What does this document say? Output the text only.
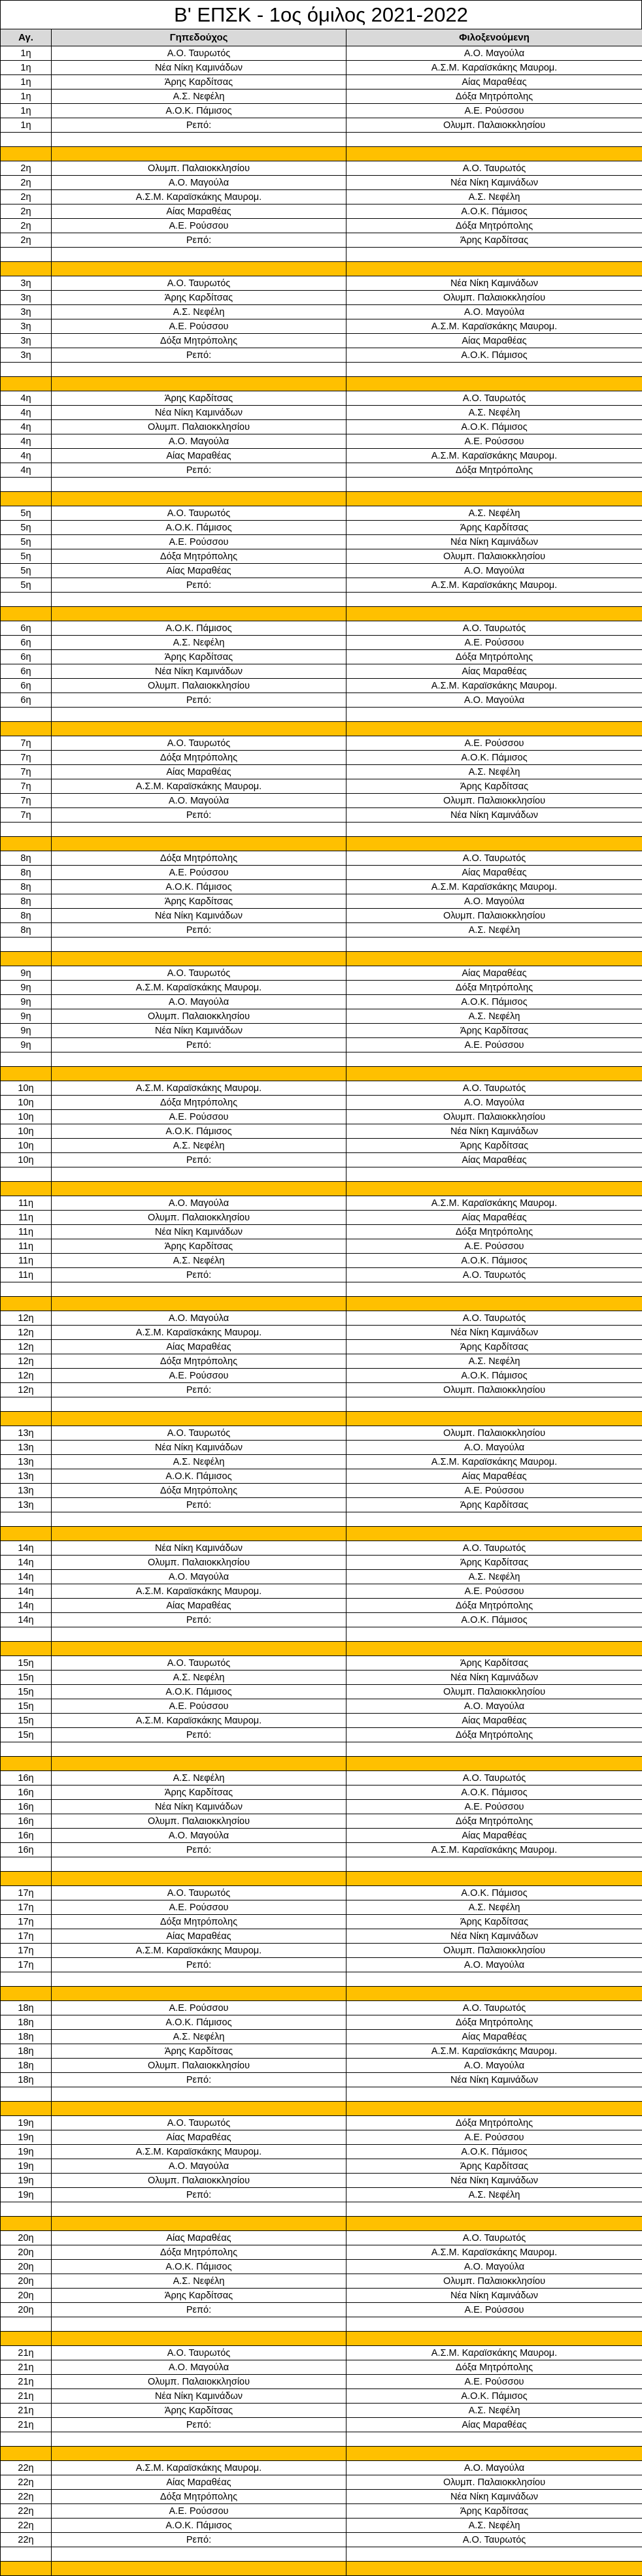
Β' ΕΠΣΚ - 1ος όμιλος 2021-2022
Αγ.	Γηπεδούχος	Φιλοξενούμενη
1η	Α.Ο. Ταυρωτός	Α.Ο. Μαγούλα
1η	Νέα Νίκη Καμινάδων	Α.Σ.Μ. Καραϊσκάκης Μαυρομ.
1η	Άρης Καρδίτσας	Αίας Μαραθέας
1η	Α.Σ. Νεφέλη	Δόξα Μητρόπολης
1η	Α.Ο.Κ. Πάμισος	Α.Ε. Ρούσσου
1η	Ρεπό:	Ολυμπ. Παλαιοκκλησίου

2η	Ολυμπ. Παλαιοκκλησίου	Α.Ο. Ταυρωτός
2η	Α.Ο. Μαγούλα	Νέα Νίκη Καμινάδων
2η	Α.Σ.Μ. Καραϊσκάκης Μαυρομ.	Α.Σ. Νεφέλη
2η	Αίας Μαραθέας	Α.Ο.Κ. Πάμισος
2η	Α.Ε. Ρούσσου	Δόξα Μητρόπολης
2η	Ρεπό:	Άρης Καρδίτσας

3η	Α.Ο. Ταυρωτός	Νέα Νίκη Καμινάδων
3η	Άρης Καρδίτσας	Ολυμπ. Παλαιοκκλησίου
3η	Α.Σ. Νεφέλη	Α.Ο. Μαγούλα
3η	Α.Ε. Ρούσσου	Α.Σ.Μ. Καραϊσκάκης Μαυρομ.
3η	Δόξα Μητρόπολης	Αίας Μαραθέας
3η	Ρεπό:	Α.Ο.Κ. Πάμισος

4η	Άρης Καρδίτσας	Α.Ο. Ταυρωτός
4η	Νέα Νίκη Καμινάδων	Α.Σ. Νεφέλη
4η	Ολυμπ. Παλαιοκκλησίου	Α.Ο.Κ. Πάμισος
4η	Α.Ο. Μαγούλα	Α.Ε. Ρούσσου
4η	Αίας Μαραθέας	Α.Σ.Μ. Καραϊσκάκης Μαυρομ.
4η	Ρεπό:	Δόξα Μητρόπολης

5η	Α.Ο. Ταυρωτός	Α.Σ. Νεφέλη
5η	Α.Ο.Κ. Πάμισος	Άρης Καρδίτσας
5η	Α.Ε. Ρούσσου	Νέα Νίκη Καμινάδων
5η	Δόξα Μητρόπολης	Ολυμπ. Παλαιοκκλησίου
5η	Αίας Μαραθέας	Α.Ο. Μαγούλα
5η	Ρεπό:	Α.Σ.Μ. Καραϊσκάκης Μαυρομ.

6η	Α.Ο.Κ. Πάμισος	Α.Ο. Ταυρωτός
6η	Α.Σ. Νεφέλη	Α.Ε. Ρούσσου
6η	Άρης Καρδίτσας	Δόξα Μητρόπολης
6η	Νέα Νίκη Καμινάδων	Αίας Μαραθέας
6η	Ολυμπ. Παλαιοκκλησίου	Α.Σ.Μ. Καραϊσκάκης Μαυρομ.
6η	Ρεπό:	Α.Ο. Μαγούλα

7η	Α.Ο. Ταυρωτός	Α.Ε. Ρούσσου
7η	Δόξα Μητρόπολης	Α.Ο.Κ. Πάμισος
7η	Αίας Μαραθέας	Α.Σ. Νεφέλη
7η	Α.Σ.Μ. Καραϊσκάκης Μαυρομ.	Άρης Καρδίτσας
7η	Α.Ο. Μαγούλα	Ολυμπ. Παλαιοκκλησίου
7η	Ρεπό:	Νέα Νίκη Καμινάδων

8η	Δόξα Μητρόπολης	Α.Ο. Ταυρωτός
8η	Α.Ε. Ρούσσου	Αίας Μαραθέας
8η	Α.Ο.Κ. Πάμισος	Α.Σ.Μ. Καραϊσκάκης Μαυρομ.
8η	Άρης Καρδίτσας	Α.Ο. Μαγούλα
8η	Νέα Νίκη Καμινάδων	Ολυμπ. Παλαιοκκλησίου
8η	Ρεπό:	Α.Σ. Νεφέλη

9η	Α.Ο. Ταυρωτός	Αίας Μαραθέας
9η	Α.Σ.Μ. Καραϊσκάκης Μαυρομ.	Δόξα Μητρόπολης
9η	Α.Ο. Μαγούλα	Α.Ο.Κ. Πάμισος
9η	Ολυμπ. Παλαιοκκλησίου	Α.Σ. Νεφέλη
9η	Νέα Νίκη Καμινάδων	Άρης Καρδίτσας
9η	Ρεπό:	Α.Ε. Ρούσσου

10η	Α.Σ.Μ. Καραϊσκάκης Μαυρομ.	Α.Ο. Ταυρωτός
10η	Δόξα Μητρόπολης	Α.Ο. Μαγούλα
10η	Α.Ε. Ρούσσου	Ολυμπ. Παλαιοκκλησίου
10η	Α.Ο.Κ. Πάμισος	Νέα Νίκη Καμινάδων
10η	Α.Σ. Νεφέλη	Άρης Καρδίτσας
10η	Ρεπό:	Αίας Μαραθέας

11η	Α.Ο. Μαγούλα	Α.Σ.Μ. Καραϊσκάκης Μαυρομ.
11η	Ολυμπ. Παλαιοκκλησίου	Αίας Μαραθέας
11η	Νέα Νίκη Καμινάδων	Δόξα Μητρόπολης
11η	Άρης Καρδίτσας	Α.Ε. Ρούσσου
11η	Α.Σ. Νεφέλη	Α.Ο.Κ. Πάμισος
11η	Ρεπό:	Α.Ο. Ταυρωτός

12η	Α.Ο. Μαγούλα	Α.Ο. Ταυρωτός
12η	Α.Σ.Μ. Καραϊσκάκης Μαυρομ.	Νέα Νίκη Καμινάδων
12η	Αίας Μαραθέας	Άρης Καρδίτσας
12η	Δόξα Μητρόπολης	Α.Σ. Νεφέλη
12η	Α.Ε. Ρούσσου	Α.Ο.Κ. Πάμισος
12η	Ρεπό:	Ολυμπ. Παλαιοκκλησίου

13η	Α.Ο. Ταυρωτός	Ολυμπ. Παλαιοκκλησίου
13η	Νέα Νίκη Καμινάδων	Α.Ο. Μαγούλα
13η	Α.Σ. Νεφέλη	Α.Σ.Μ. Καραϊσκάκης Μαυρομ.
13η	Α.Ο.Κ. Πάμισος	Αίας Μαραθέας
13η	Δόξα Μητρόπολης	Α.Ε. Ρούσσου
13η	Ρεπό:	Άρης Καρδίτσας

14η	Νέα Νίκη Καμινάδων	Α.Ο. Ταυρωτός
14η	Ολυμπ. Παλαιοκκλησίου	Άρης Καρδίτσας
14η	Α.Ο. Μαγούλα	Α.Σ. Νεφέλη
14η	Α.Σ.Μ. Καραϊσκάκης Μαυρομ.	Α.Ε. Ρούσσου
14η	Αίας Μαραθέας	Δόξα Μητρόπολης
14η	Ρεπό:	Α.Ο.Κ. Πάμισος

15η	Α.Ο. Ταυρωτός	Άρης Καρδίτσας
15η	Α.Σ. Νεφέλη	Νέα Νίκη Καμινάδων
15η	Α.Ο.Κ. Πάμισος	Ολυμπ. Παλαιοκκλησίου
15η	Α.Ε. Ρούσσου	Α.Ο. Μαγούλα
15η	Α.Σ.Μ. Καραϊσκάκης Μαυρομ.	Αίας Μαραθέας
15η	Ρεπό:	Δόξα Μητρόπολης

16η	Α.Σ. Νεφέλη	Α.Ο. Ταυρωτός
16η	Άρης Καρδίτσας	Α.Ο.Κ. Πάμισος
16η	Νέα Νίκη Καμινάδων	Α.Ε. Ρούσσου
16η	Ολυμπ. Παλαιοκκλησίου	Δόξα Μητρόπολης
16η	Α.Ο. Μαγούλα	Αίας Μαραθέας
16η	Ρεπό:	Α.Σ.Μ. Καραϊσκάκης Μαυρομ.

17η	Α.Ο. Ταυρωτός	Α.Ο.Κ. Πάμισος
17η	Α.Ε. Ρούσσου	Α.Σ. Νεφέλη
17η	Δόξα Μητρόπολης	Άρης Καρδίτσας
17η	Αίας Μαραθέας	Νέα Νίκη Καμινάδων
17η	Α.Σ.Μ. Καραϊσκάκης Μαυρομ.	Ολυμπ. Παλαιοκκλησίου
17η	Ρεπό:	Α.Ο. Μαγούλα

18η	Α.Ε. Ρούσσου	Α.Ο. Ταυρωτός
18η	Α.Ο.Κ. Πάμισος	Δόξα Μητρόπολης
18η	Α.Σ. Νεφέλη	Αίας Μαραθέας
18η	Άρης Καρδίτσας	Α.Σ.Μ. Καραϊσκάκης Μαυρομ.
18η	Ολυμπ. Παλαιοκκλησίου	Α.Ο. Μαγούλα
18η	Ρεπό:	Νέα Νίκη Καμινάδων

19η	Α.Ο. Ταυρωτός	Δόξα Μητρόπολης
19η	Αίας Μαραθέας	Α.Ε. Ρούσσου
19η	Α.Σ.Μ. Καραϊσκάκης Μαυρομ.	Α.Ο.Κ. Πάμισος
19η	Α.Ο. Μαγούλα	Άρης Καρδίτσας
19η	Ολυμπ. Παλαιοκκλησίου	Νέα Νίκη Καμινάδων
19η	Ρεπό:	Α.Σ. Νεφέλη

20η	Αίας Μαραθέας	Α.Ο. Ταυρωτός
20η	Δόξα Μητρόπολης	Α.Σ.Μ. Καραϊσκάκης Μαυρομ.
20η	Α.Ο.Κ. Πάμισος	Α.Ο. Μαγούλα
20η	Α.Σ. Νεφέλη	Ολυμπ. Παλαιοκκλησίου
20η	Άρης Καρδίτσας	Νέα Νίκη Καμινάδων
20η	Ρεπό:	Α.Ε. Ρούσσου

21η	Α.Ο. Ταυρωτός	Α.Σ.Μ. Καραϊσκάκης Μαυρομ.
21η	Α.Ο. Μαγούλα	Δόξα Μητρόπολης
21η	Ολυμπ. Παλαιοκκλησίου	Α.Ε. Ρούσσου
21η	Νέα Νίκη Καμινάδων	Α.Ο.Κ. Πάμισος
21η	Άρης Καρδίτσας	Α.Σ. Νεφέλη
21η	Ρεπό:	Αίας Μαραθέας

22η	Α.Σ.Μ. Καραϊσκάκης Μαυρομ.	Α.Ο. Μαγούλα
22η	Αίας Μαραθέας	Ολυμπ. Παλαιοκκλησίου
22η	Δόξα Μητρόπολης	Νέα Νίκη Καμινάδων
22η	Α.Ε. Ρούσσου	Άρης Καρδίτσας
22η	Α.Ο.Κ. Πάμισος	Α.Σ. Νεφέλη
22η	Ρεπό:	Α.Ο. Ταυρωτός
